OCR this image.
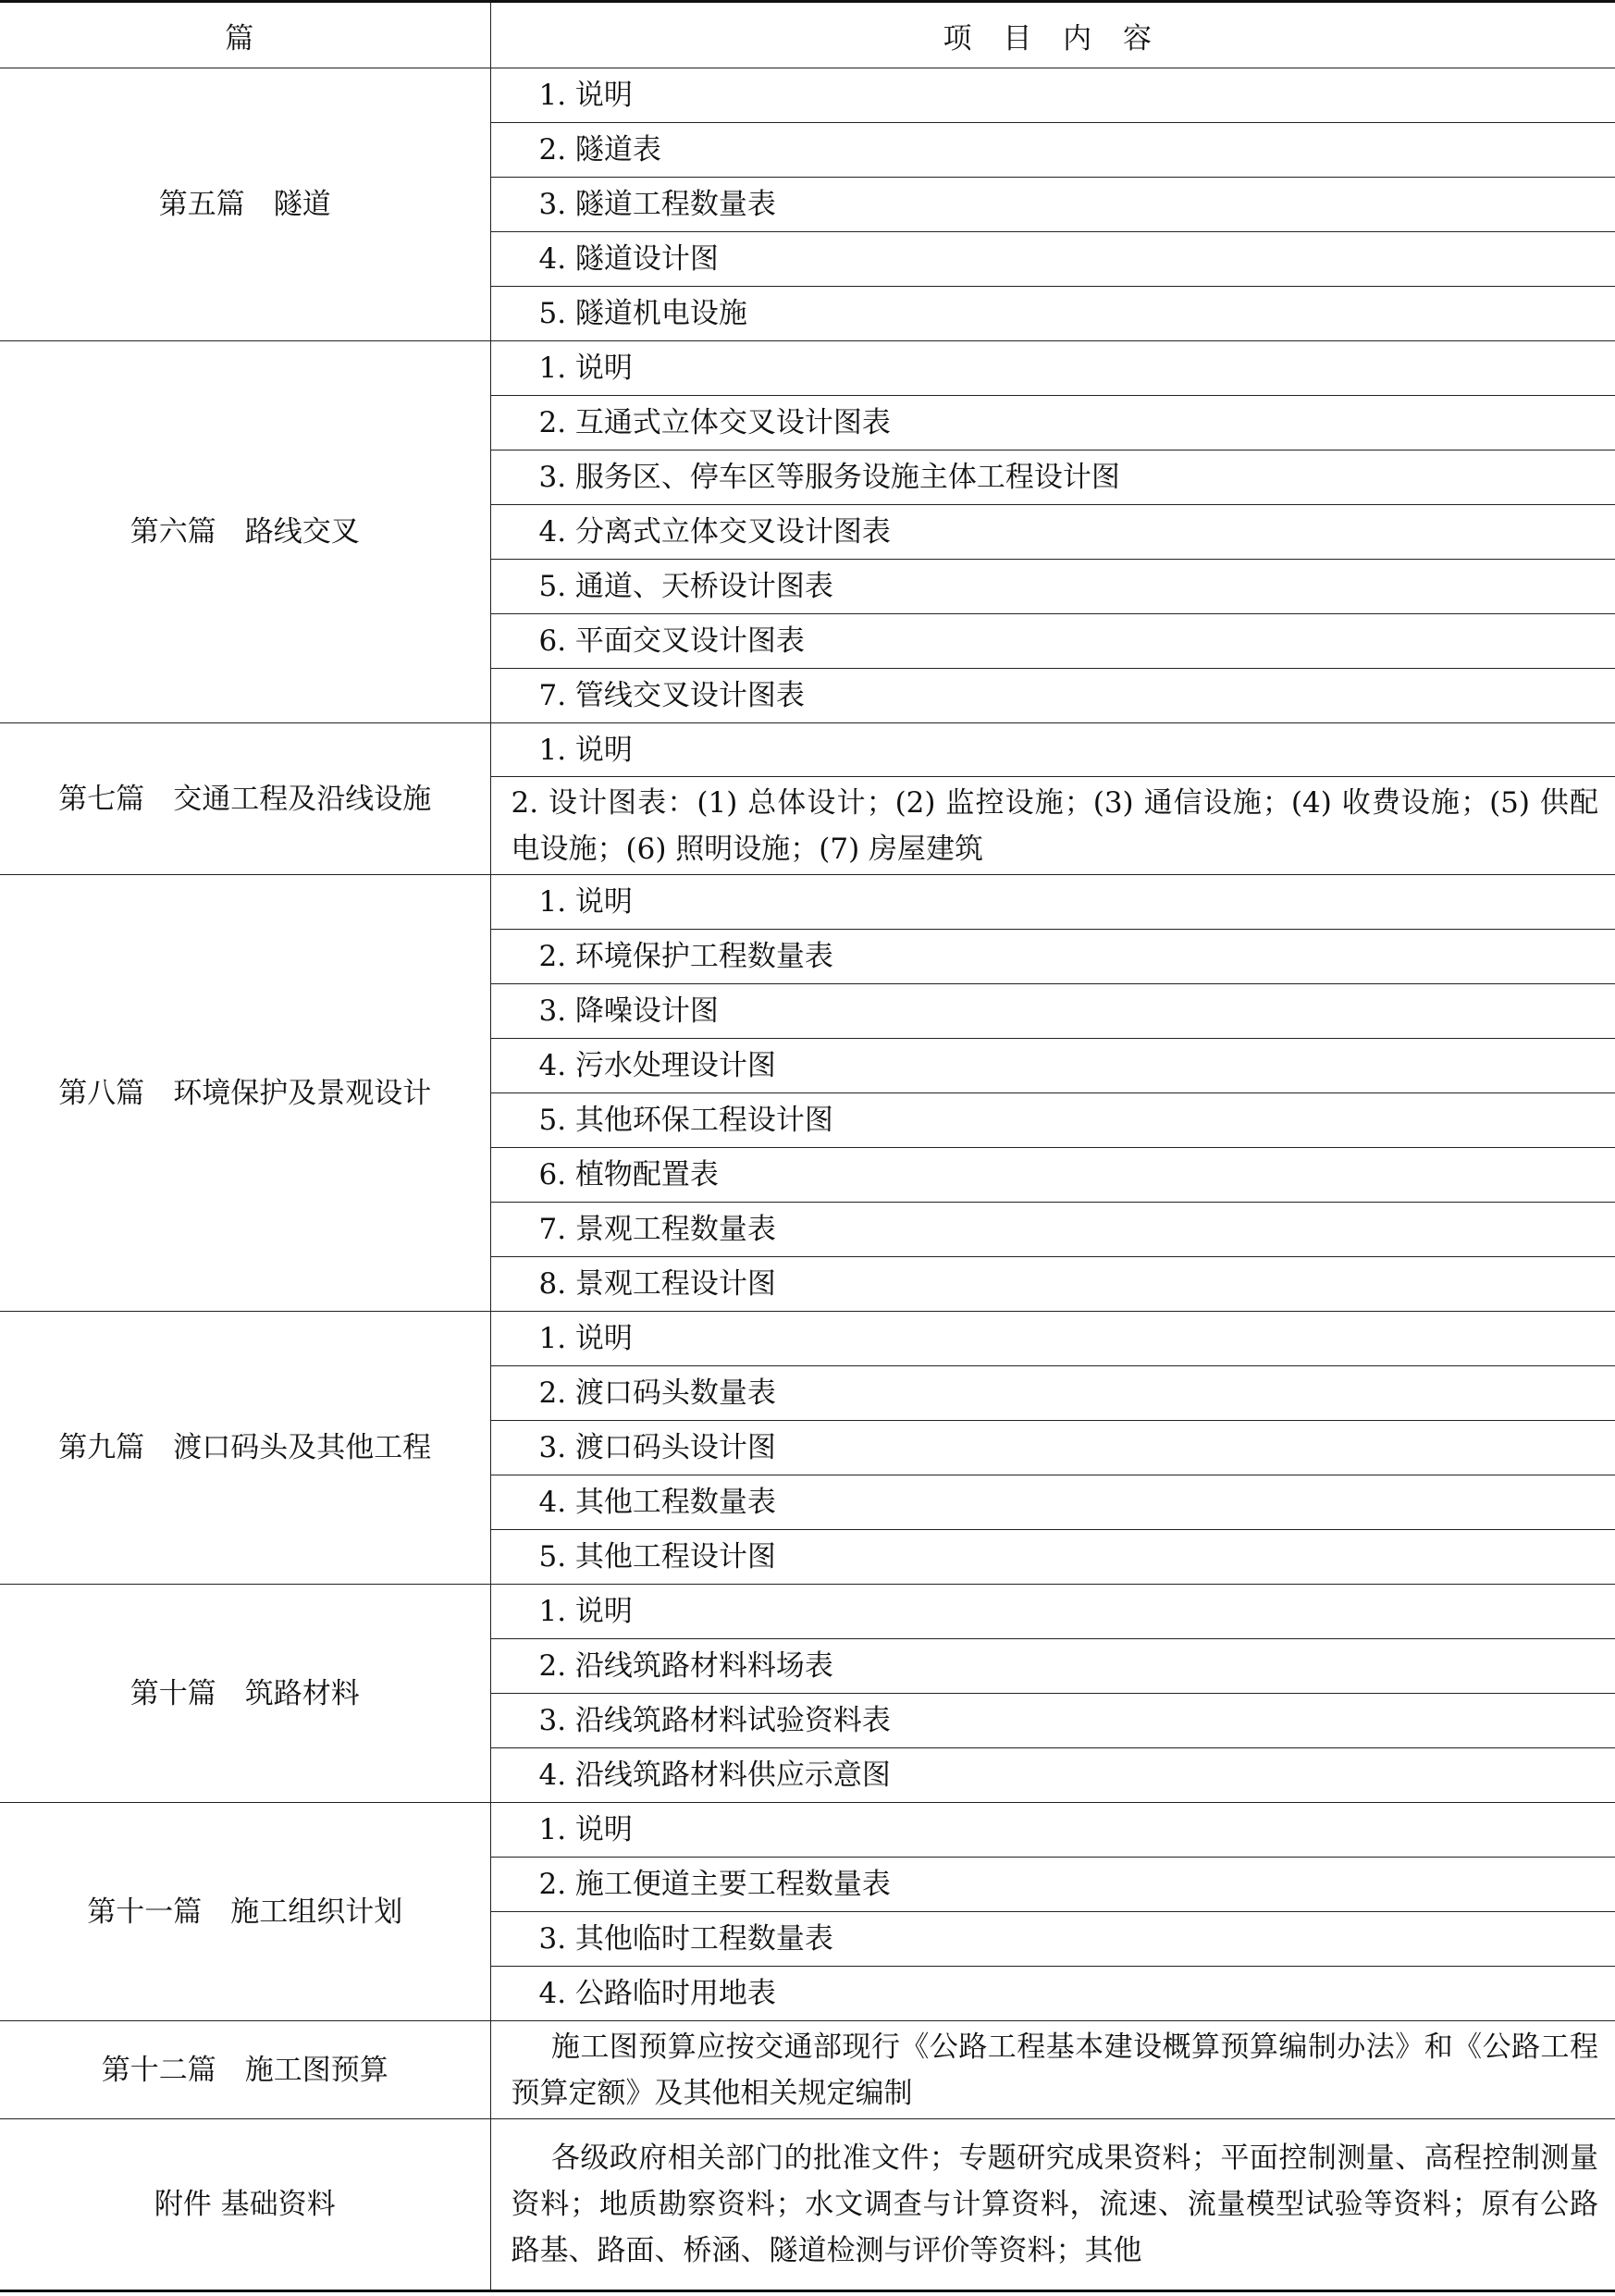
篇	项 目 内 容
第五篇　隧道	1. 说明
	2. 隧道表
	3. 隧道工程数量表
	4. 隧道设计图
	5. 隧道机电设施
第六篇　路线交叉	1. 说明
	2. 互通式立体交叉设计图表
	3. 服务区、停车区等服务设施主体工程设计图
	4. 分离式立体交叉设计图表
	5. 通道、天桥设计图表
	6. 平面交叉设计图表
	7. 管线交叉设计图表
第七篇　交通工程及沿线设施	1. 说明
	2. 设计图表：(1) 总体设计；(2) 监控设施；(3) 通信设施；(4) 收费设施；(5) 供配电设施；(6) 照明设施；(7) 房屋建筑
第八篇　环境保护及景观设计	1. 说明
	2. 环境保护工程数量表
	3. 降噪设计图
	4. 污水处理设计图
	5. 其他环保工程设计图
	6. 植物配置表
	7. 景观工程数量表
	8. 景观工程设计图
第九篇　渡口码头及其他工程	1. 说明
	2. 渡口码头数量表
	3. 渡口码头设计图
	4. 其他工程数量表
	5. 其他工程设计图
第十篇　筑路材料	1. 说明
	2. 沿线筑路材料料场表
	3. 沿线筑路材料试验资料表
	4. 沿线筑路材料供应示意图
第十一篇　施工组织计划	1. 说明
	2. 施工便道主要工程数量表
	3. 其他临时工程数量表
	4. 公路临时用地表
第十二篇　施工图预算	施工图预算应按交通部现行《公路工程基本建设概算预算编制办法》和《公路工程预算定额》及其他相关规定编制
附件 基础资料	各级政府相关部门的批准文件；专题研究成果资料；平面控制测量、高程控制测量资料；地质勘察资料；水文调查与计算资料，流速、流量模型试验等资料；原有公路路基、路面、桥涵、隧道检测与评价等资料；其他
